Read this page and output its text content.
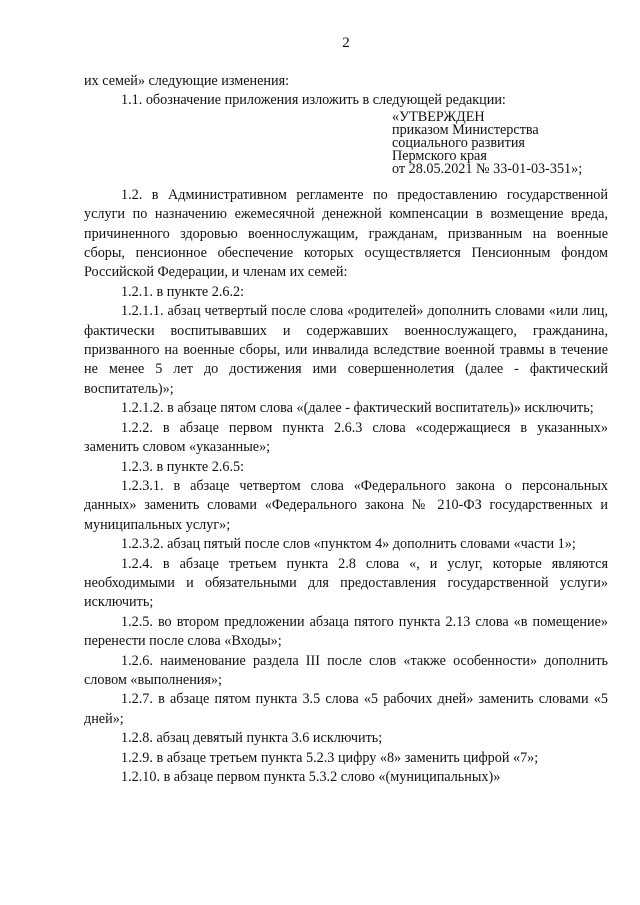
2

их семей» следующие изменения:

1.1. обозначение приложения изложить в следующей редакции:

«УТВЕРЖДЕН
приказом Министерства
социального развития
Пермского края
от 28.05.2021 № 33-01-03-351»;

1.2. в Административном регламенте по предоставлению государственной услуги по назначению ежемесячной денежной компенсации в возмещение вреда, причиненного здоровью военнослужащим, гражданам, призванным на военные сборы, пенсионное обеспечение которых осуществляется Пенсионным фондом Российской Федерации, и членам их семей:

1.2.1. в пункте 2.6.2:

1.2.1.1. абзац четвертый после слова «родителей» дополнить словами «или лиц, фактически воспитывавших и содержавших военнослужащего, гражданина, призванного на военные сборы, или инвалида вследствие военной травмы в течение не менее 5 лет до достижения ими совершеннолетия (далее - фактический воспитатель)»;

1.2.1.2. в абзаце пятом слова «(далее - фактический воспитатель)» исключить;

1.2.2. в абзаце первом пункта 2.6.3 слова «содержащиеся в указанных» заменить словом «указанные»;

1.2.3. в пункте 2.6.5:

1.2.3.1. в абзаце четвертом слова «Федерального закона о персональных данных» заменить словами «Федерального закона № 210-ФЗ государственных и муниципальных услуг»;

1.2.3.2. абзац пятый после слов «пунктом 4» дополнить словами «части 1»;

1.2.4. в абзаце третьем пункта 2.8 слова «, и услуг, которые являются необходимыми и обязательными для предоставления государственной услуги» исключить;

1.2.5. во втором предложении абзаца пятого пункта 2.13 слова «в помещение» перенести после слова «Входы»;

1.2.6. наименование раздела III после слов «также особенности» дополнить словом «выполнения»;

1.2.7. в абзаце пятом пункта 3.5 слова «5 рабочих дней» заменить словами «5 дней»;

1.2.8. абзац девятый пункта 3.6 исключить;

1.2.9. в абзаце третьем пункта 5.2.3 цифру «8» заменить цифрой «7»;

1.2.10. в абзаце первом пункта 5.3.2 слово «(муниципальных)»
